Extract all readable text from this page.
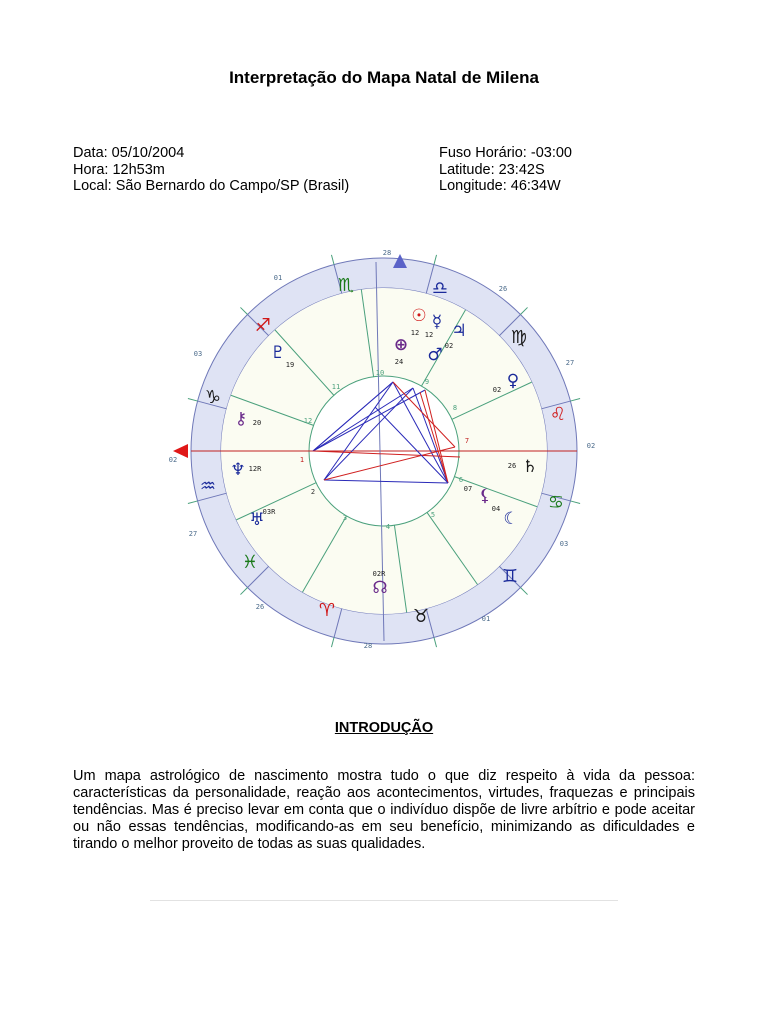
Interpretação do Mapa Natal de Milena
Data: 05/10/2004
Hora: 12h53m
Local: São Bernardo do Campo/SP (Brasil)
Fuso Horário: -03:00
Latitude: 23:42S
Longitude: 46:34W
28
28
02
02
01
03
26
27
27
26
03
01
♏	♎
♍
♌
♋
♊
♉
♈
♓
♒
♑
♐	☉
12
☿
12 ♃
♂ 02
♀
02
♄
26
⚸
07
☾
04
☊
02R
♅
03R
♆ 12R
⚷ 20
♇
19
⊕
24
1
2
3
4
5
6
7
8
9
10
11
12
INTRODUÇÃO
Um mapa astrológico de nascimento mostra tudo o que diz respeito à vida da pessoa: características da personalidade, reação aos acontecimentos, virtudes, fraquezas e principais tendências. Mas é preciso levar em conta que o indivíduo dispõe de livre arbítrio e pode aceitar ou não essas tendências, modificando-as em seu benefício, minimizando as dificuldades e tirando o melhor proveito de todas as suas qualidades.
